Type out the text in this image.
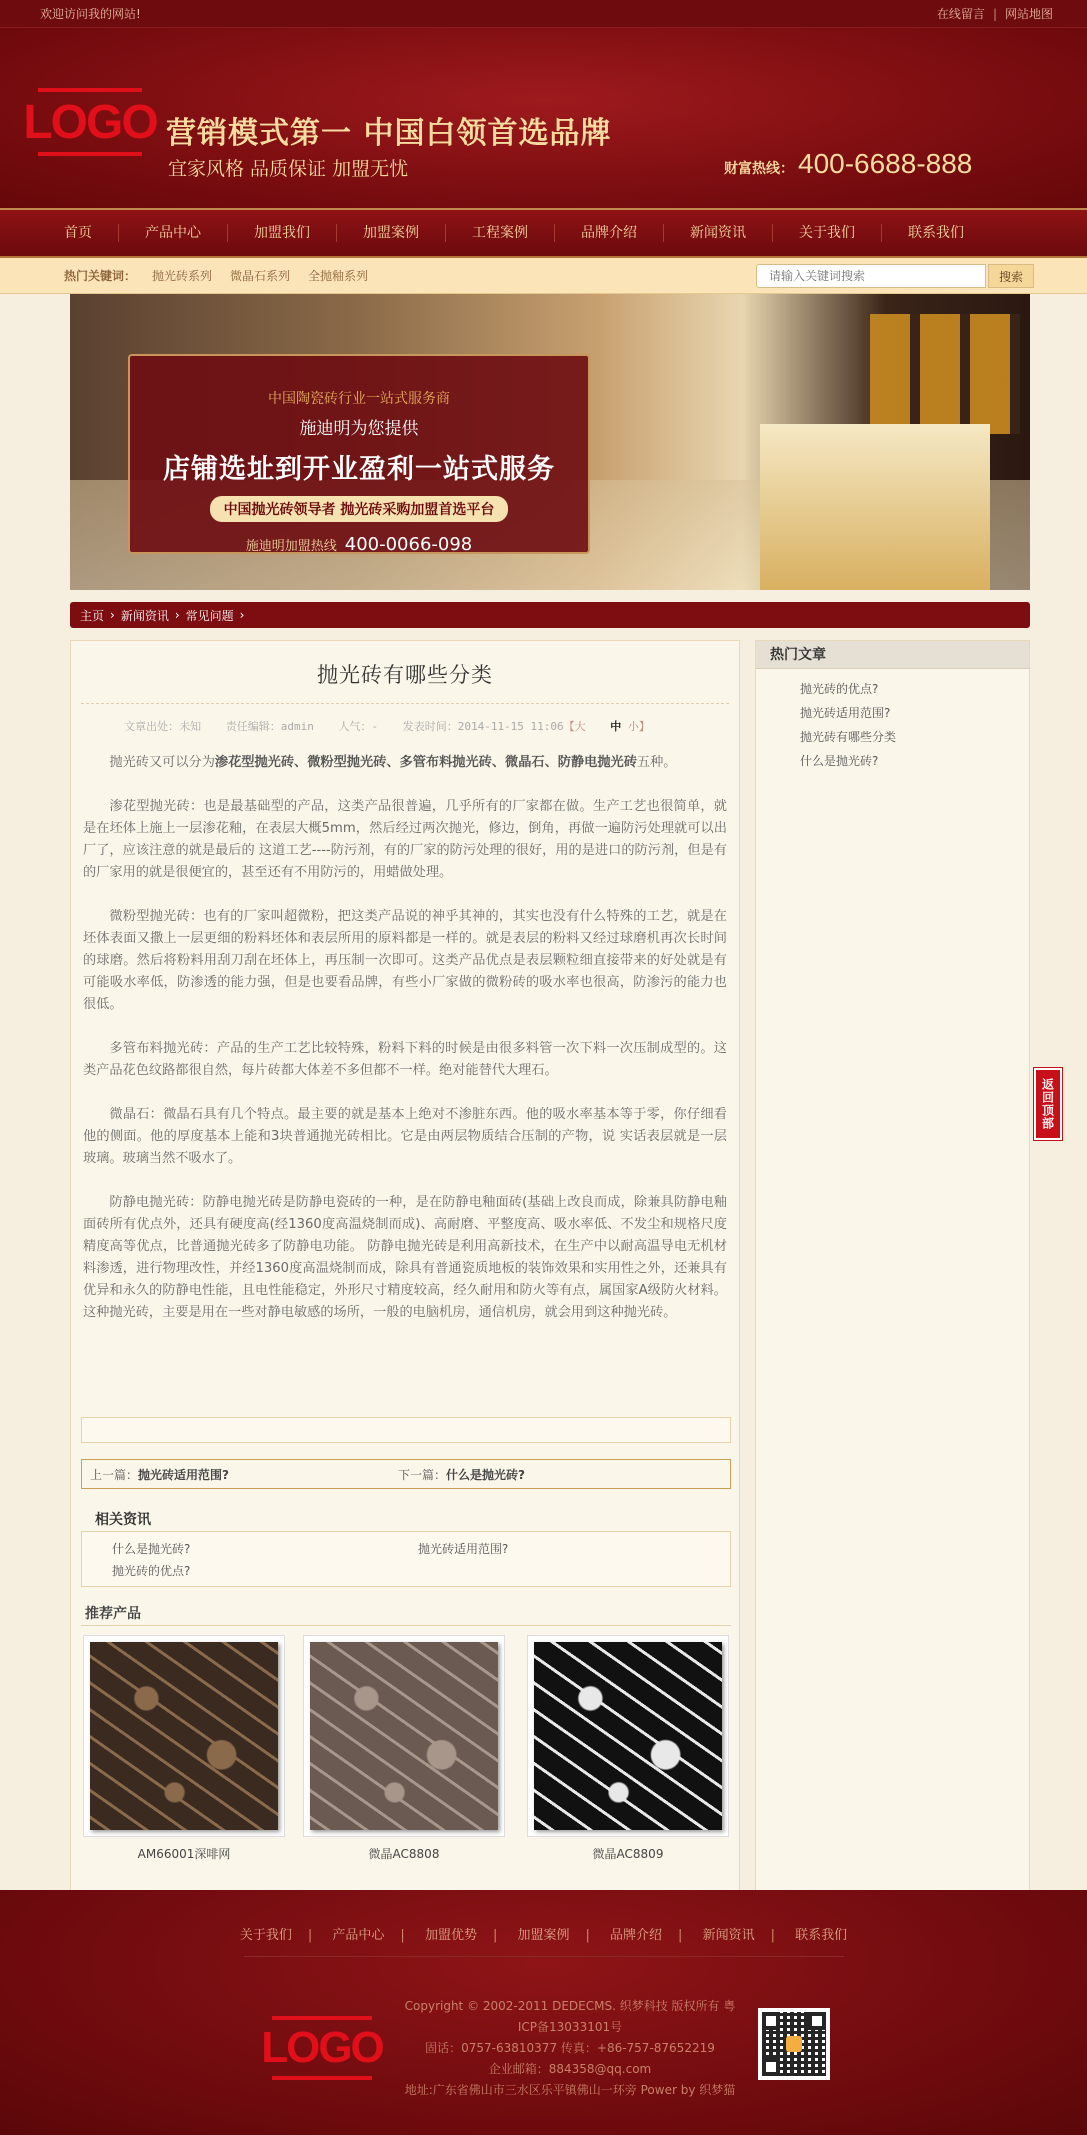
欢迎访问我的网站!	在线留言 | 网站地图
LOGO 营销模式第一 中国白领首选品牌
宜家风格 品质保证 加盟无忧	财富热线： 400-6688-888
首页	产品中心	加盟我们	加盟案例	工程案例	品牌介绍	新闻资讯	关于我们	联系我们
热门关键词： 抛光砖系列 微晶石系列 全抛釉系列
请输入关键词搜索	搜索
中国陶瓷砖行业一站式服务商
施迪明为您提供
店铺选址到开业盈利一站式服务
中国抛光砖领导者 抛光砖采购加盟首选平台
施迪明加盟热线 400-0066-098
主页 › 新闻资讯 › 常见问题 ›
抛光砖有哪些分类
文章出处：未知 责任编辑：admin 人气：- 发表时间：2014-11-15 11:06【大 中 小】

抛光砖又可以分为渗花型抛光砖、微粉型抛光砖、多管布料抛光砖、微晶石、防静电抛光砖五种。

渗花型抛光砖：也是最基础型的产品，这类产品很普遍，几乎所有的厂家都在做。生产工艺也很简单，就是在坯体上施上一层渗花釉，在表层大概5mm，然后经过两次抛光，修边，倒角，再做一遍防污处理就可以出厂了，应该注意的就是最后的 这道工艺----防污剂，有的厂家的防污处理的很好，用的是进口的防污剂，但是有的厂家用的就是很便宜的，甚至还有不用防污的，用蜡做处理。

微粉型抛光砖：也有的厂家叫超微粉，把这类产品说的神乎其神的，其实也没有什么特殊的工艺，就是在坯体表面又撒上一层更细的粉料坯体和表层所用的原料都是一样的。就是表层的粉料又经过球磨机再次长时间的球磨。然后将粉料用刮刀刮在坯体上，再压制一次即可。这类产品优点是表层颗粒细直接带来的好处就是有可能吸水率低，防渗透的能力强，但是也要看品牌，有些小厂家做的微粉砖的吸水率也很高，防渗污的能力也很低。

多管布料抛光砖：产品的生产工艺比较特殊，粉料下料的时候是由很多料管一次下料一次压制成型的。这类产品花色纹路都很自然，每片砖都大体差不多但都不一样。绝对能替代大理石。

微晶石：微晶石具有几个特点。最主要的就是基本上绝对不渗脏东西。他的吸水率基本等于零，你仔细看他的侧面。他的厚度基本上能和3块普通抛光砖相比。它是由两层物质结合压制的产物，说 实话表层就是一层玻璃。玻璃当然不吸水了。

防静电抛光砖：防静电抛光砖是防静电瓷砖的一种，是在防静电釉面砖(基础上改良而成，除兼具防静电釉面砖所有优点外，还具有硬度高(经1360度高温烧制而成)、高耐磨、平整度高、吸水率低、不发尘和规格尺度精度高等优点，比普通抛光砖多了防静电功能。 防静电抛光砖是利用高新技术，在生产中以耐高温导电无机材料渗透，进行物理改性，并经1360度高温烧制而成，除具有普通瓷质地板的装饰效果和实用性之外，还兼具有优异和永久的防静电性能，且电性能稳定，外形尺寸精度较高，经久耐用和防火等有点，属国家A级防火材料。这种抛光砖，主要是用在一些对静电敏感的场所，一般的电脑机房，通信机房，就会用到这种抛光砖。

上一篇：抛光砖适用范围?	下一篇：什么是抛光砖?
相关资讯
什么是抛光砖?	抛光砖适用范围?
抛光砖的优点?
推荐产品
AM66001深啡网	微晶AC8808	微晶AC8809
热门文章
抛光砖的优点?
抛光砖适用范围?
抛光砖有哪些分类
什么是抛光砖?
返回顶部
关于我们 | 产品中心 | 加盟优势 | 加盟案例 | 品牌介绍 | 新闻资讯 | 联系我们
LOGO
Copyright © 2002-2011 DEDECMS. 织梦科技 版权所有 粤ICP备13033101号
固话：0757-63810377 传真：+86-757-87652219
企业邮箱：884358@qq.com
地址:广东省佛山市三水区乐平镇佛山一环旁 Power by 织梦猫
